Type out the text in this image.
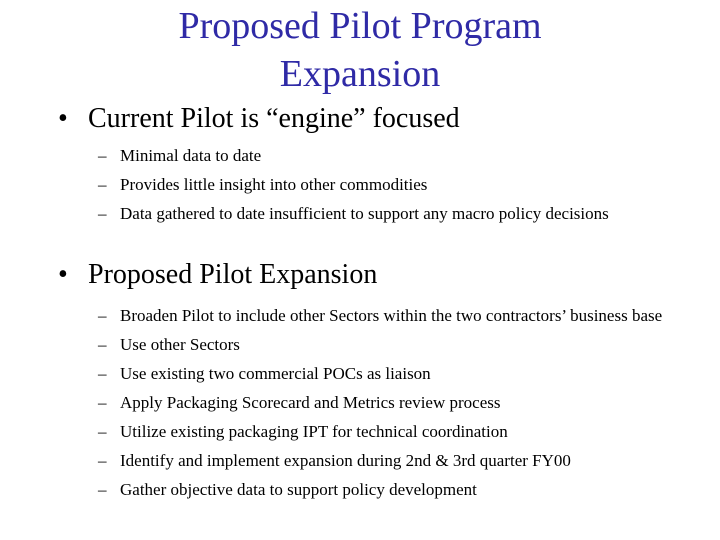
Proposed Pilot Program
Expansion
• Current Pilot is “engine” focused
– Minimal data to date
– Provides little insight into other commodities
– Data gathered to date insufficient to support any macro policy decisions
• Proposed Pilot Expansion
– Broaden Pilot to include other Sectors within the two contractors’ business base
– Use other Sectors
– Use existing two commercial POCs as liaison
– Apply Packaging Scorecard and Metrics review process
– Utilize existing packaging IPT for technical coordination
– Identify and implement expansion during 2nd & 3rd quarter FY00
– Gather objective data to support policy development
